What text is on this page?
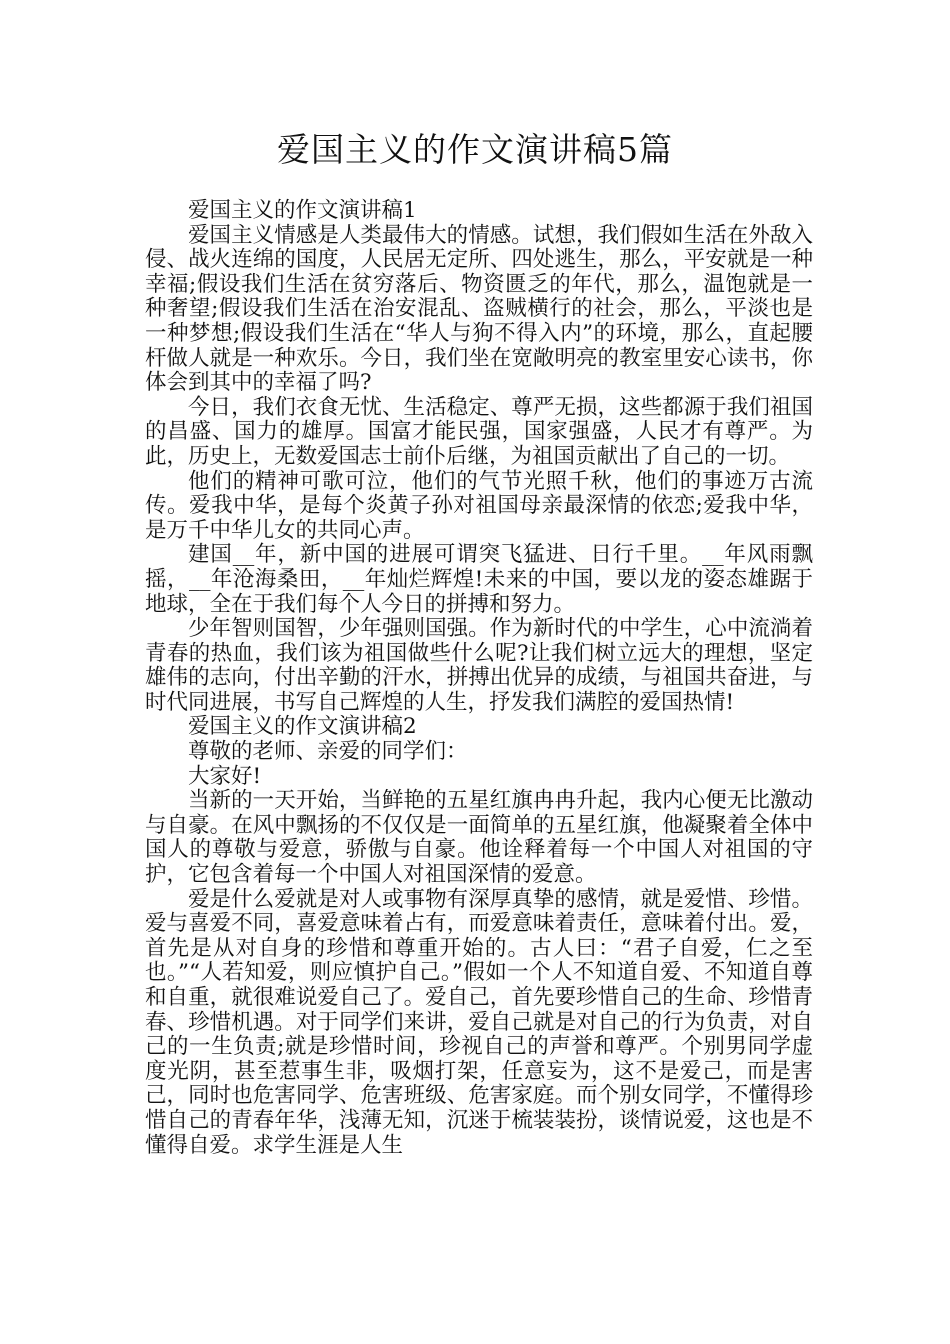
爱国主义的作文演讲稿5篇

爱国主义的作文演讲稿1

爱国主义情感是人类最伟大的情感。试想，我们假如生活在外敌入侵、战火连绵的国度，人民居无定所、四处逃生，那么，平安就是一种幸福;假设我们生活在贫穷落后、物资匮乏的年代，那么，温饱就是一种奢望;假设我们生活在治安混乱、盗贼横行的社会，那么，平淡也是一种梦想;假设我们生活在“华人与狗不得入内”的环境，那么，直起腰杆做人就是一种欢乐。今日，我们坐在宽敞明亮的教室里安心读书，你体会到其中的幸福了吗?

今日，我们衣食无忧、生活稳定、尊严无损，这些都源于我们祖国的昌盛、国力的雄厚。国富才能民强，国家强盛，人民才有尊严。为此，历史上，无数爱国志士前仆后继，为祖国贡献出了自己的一切。

他们的精神可歌可泣，他们的气节光照千秋，他们的事迹万古流传。爱我中华，是每个炎黄子孙对祖国母亲最深情的依恋;爱我中华，是万千中华儿女的共同心声。

建国__年，新中国的进展可谓突飞猛进、日行千里。__年风雨飘摇，__年沧海桑田，__年灿烂辉煌!未来的中国，要以龙的姿态雄踞于地球，全在于我们每个人今日的拼搏和努力。

少年智则国智，少年强则国强。作为新时代的中学生，心中流淌着青春的热血，我们该为祖国做些什么呢?让我们树立远大的理想，坚定雄伟的志向，付出辛勤的汗水，拼搏出优异的成绩，与祖国共奋进，与时代同进展，书写自己辉煌的人生，抒发我们满腔的爱国热情!

爱国主义的作文演讲稿2

尊敬的老师、亲爱的同学们：

大家好!

当新的一天开始，当鲜艳的五星红旗冉冉升起，我内心便无比激动与自豪。在风中飘扬的不仅仅是一面简单的五星红旗，他凝聚着全体中国人的尊敬与爱意，骄傲与自豪。他诠释着每一个中国人对祖国的守护，它包含着每一个中国人对祖国深情的爱意。

爱是什么爱就是对人或事物有深厚真挚的感情，就是爱惜、珍惜。爱与喜爱不同，喜爱意味着占有，而爱意味着责任，意味着付出。爱，首先是从对自身的珍惜和尊重开始的。古人曰：“君子自爱，仁之至也。”“人若知爱，则应慎护自己。”假如一个人不知道自爱、不知道自尊和自重，就很难说爱自己了。爱自己，首先要珍惜自己的生命、珍惜青春、珍惜机遇。对于同学们来讲，爱自己就是对自己的行为负责，对自己的一生负责;就是珍惜时间，珍视自己的声誉和尊严。个别男同学虚度光阴，甚至惹事生非，吸烟打架，任意妄为，这不是爱己，而是害己，同时也危害同学、危害班级、危害家庭。而个别女同学，不懂得珍惜自己的青春年华，浅薄无知，沉迷于梳装装扮，谈情说爱，这也是不懂得自爱。求学生涯是人生
